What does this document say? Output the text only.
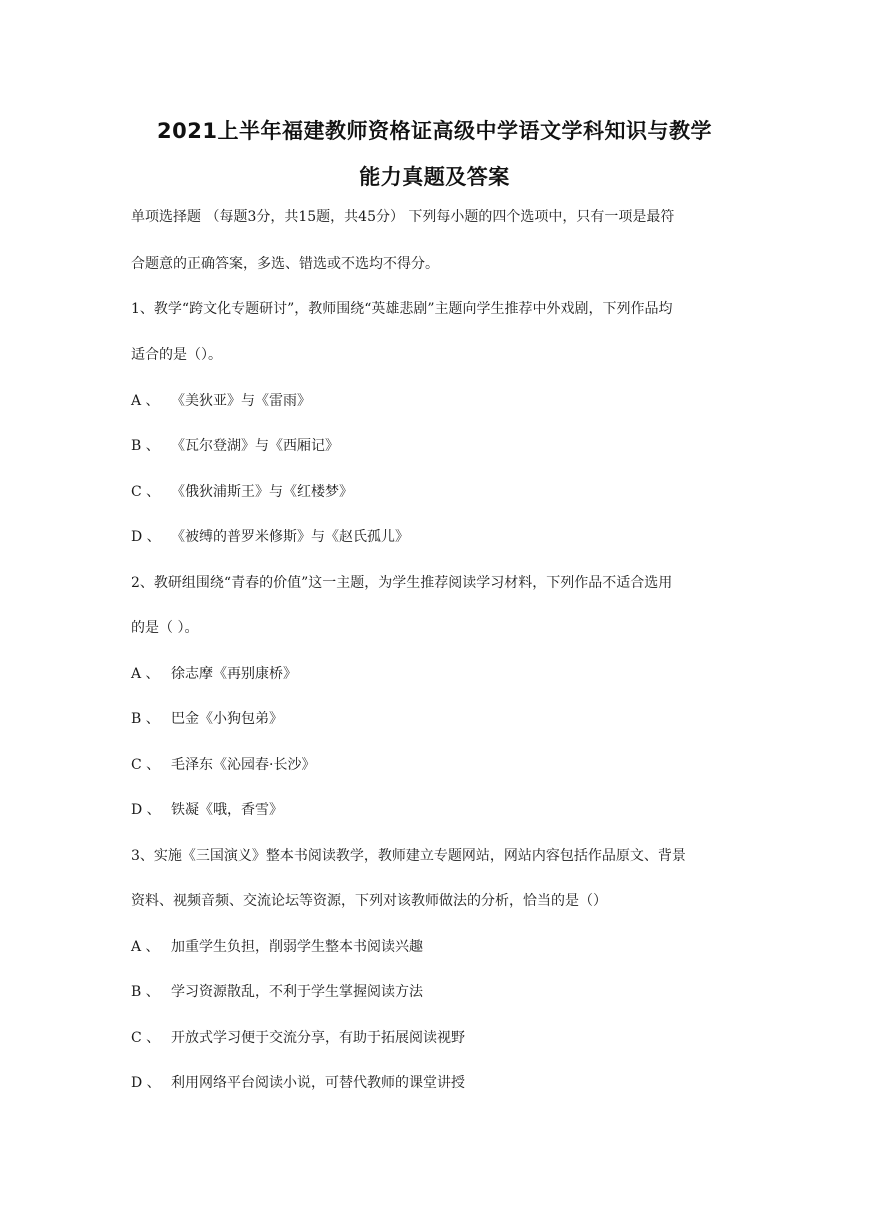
2021上半年福建教师资格证高级中学语文学科知识与教学
能力真题及答案
单项选择题 （每题3分，共15题，共45分） 下列每小题的四个选项中，只有一项是最符
合题意的正确答案，多选、错选或不选均不得分。
1、教学“跨文化专题研讨”，教师围绕“英雄悲剧”主题向学生推荐中外戏剧，下列作品均
适合的是（）。
A 、 《美狄亚》与《雷雨》
B 、 《瓦尔登湖》与《西厢记》
C 、 《俄狄浦斯王》与《红楼梦》
D 、 《被缚的普罗米修斯》与《赵氏孤儿》
2、教研组围绕“青春的价值”这一主题，为学生推荐阅读学习材料，下列作品不适合选用
的是（ ）。
A 、 徐志摩《再别康桥》
B 、 巴金《小狗包弟》
C 、 毛泽东《沁园春·长沙》
D 、 铁凝《哦，香雪》
3、实施《三国演义》整本书阅读教学，教师建立专题网站，网站内容包括作品原文、背景
资料、视频音频、交流论坛等资源，下列对该教师做法的分析，恰当的是（）
A 、 加重学生负担，削弱学生整本书阅读兴趣
B 、 学习资源散乱，不利于学生掌握阅读方法
C 、 开放式学习便于交流分享，有助于拓展阅读视野
D 、 利用网络平台阅读小说，可替代教师的课堂讲授
